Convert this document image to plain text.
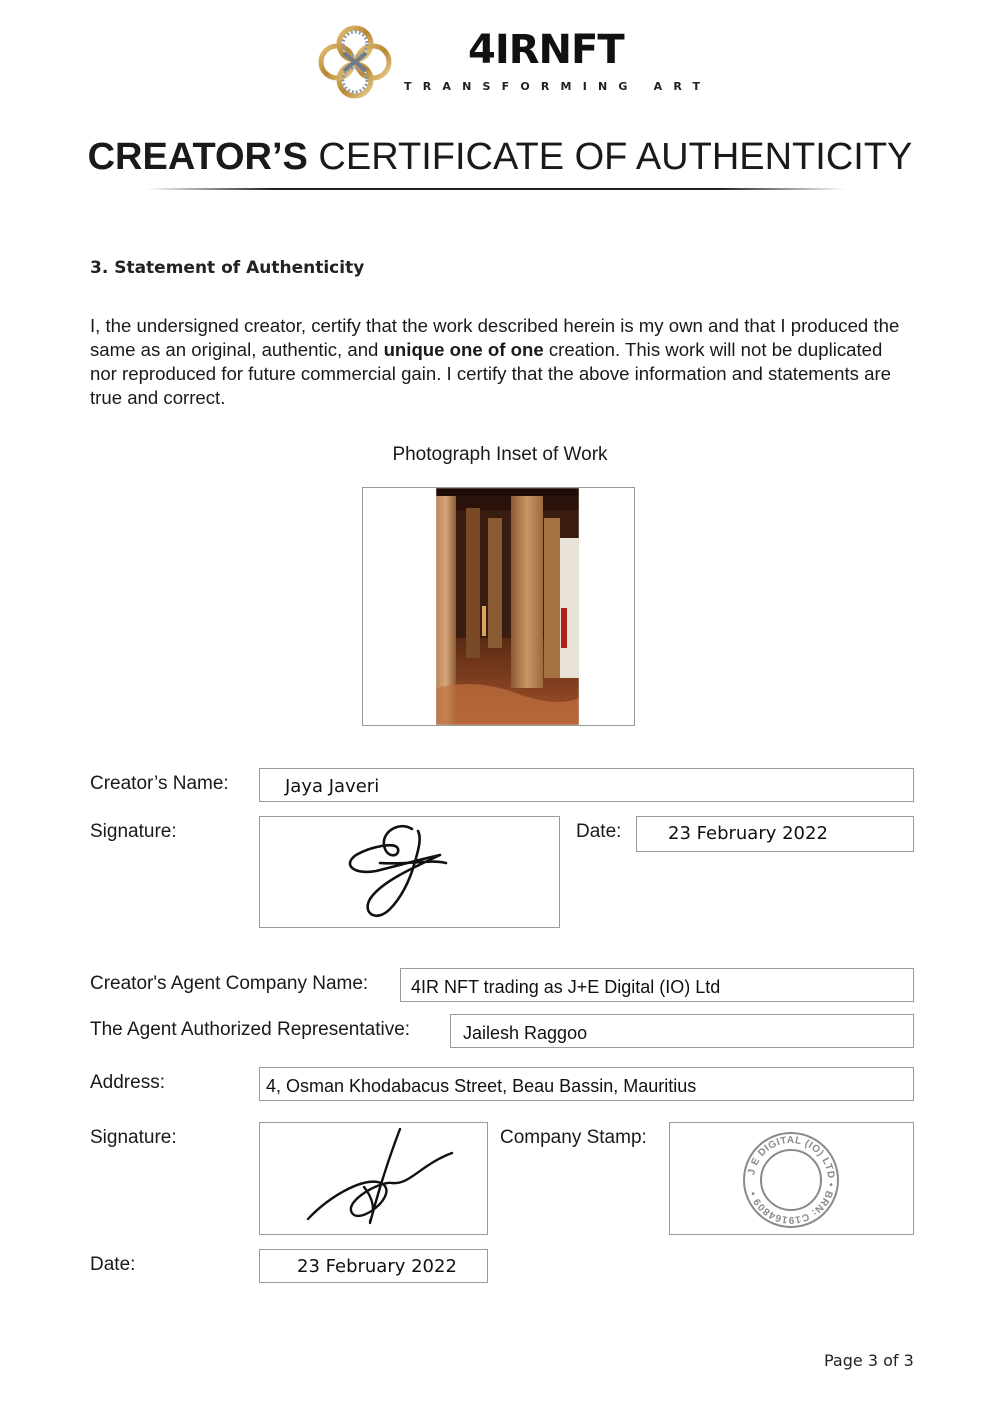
4IRNFT
TRANSFORMING ART
CREATOR’S CERTIFICATE OF AUTHENTICITY
3. Statement of Authenticity

I, the undersigned creator, certify that the work described herein is my own and that I produced the same as an original, authentic, and unique one of one creation. This work will not be duplicated nor reproduced for future commercial gain. I certify that the above information and statements are true and correct.

Photograph Inset of Work
Creator’s Name:	Jaya Javeri
Signature:	Date:	23 February 2022
Creator's Agent Company Name: 4IR NFT trading as J+E Digital (IO) Ltd
The Agent Authorized Representative:	Jailesh Raggoo
Address:	4, Osman Khodabacus Street, Beau Bassin, Mauritius
Signature:	Company Stamp:
J E DIGITAL (IO) LTD • BRN: C19164809 •
Date:	23 February 2022
Page 3 of 3
